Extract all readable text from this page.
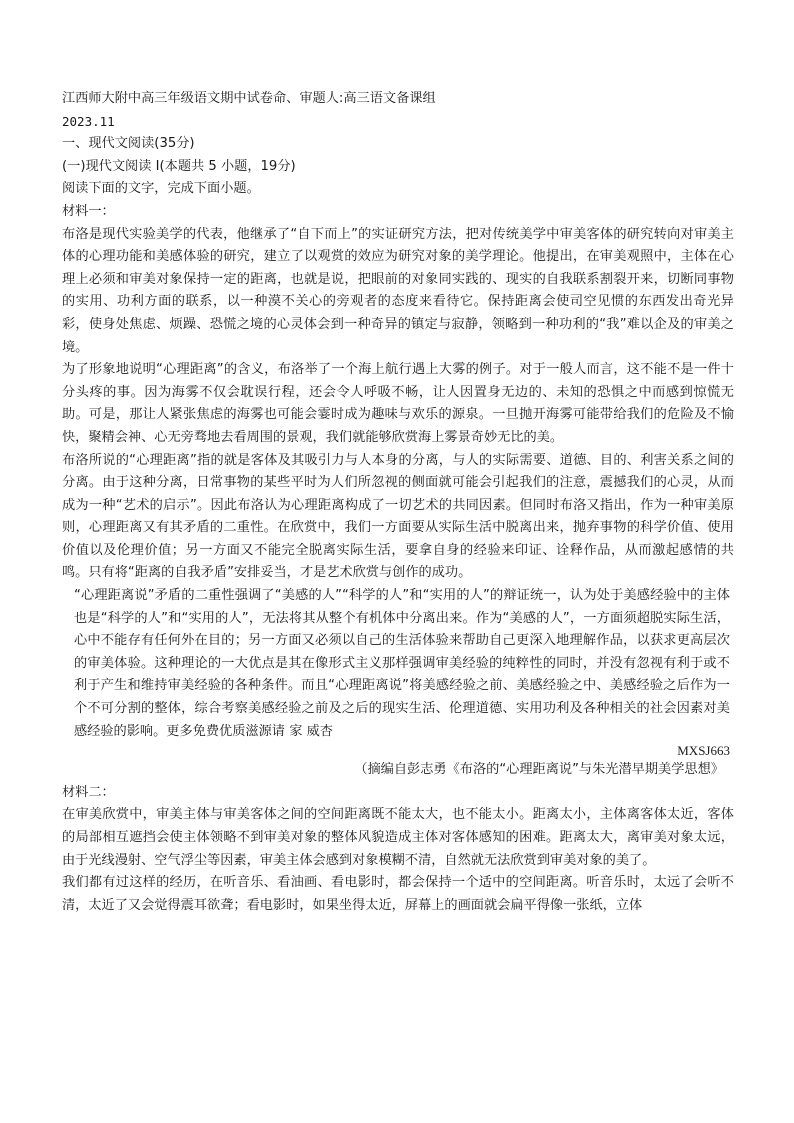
江西师大附中高三年级语文期中试卷命、审题人:高三语文备课组
2023.11
一、现代文阅读(35分)
(一)现代文阅读 I(本题共 5 小题，19分)
阅读下面的文字，完成下面小题。
材料一：

布洛是现代实验美学的代表，他继承了“自下而上”的实证研究方法，把对传统美学中审美客体的研究转向对审美主体的心理功能和美感体验的研究，建立了以观赏的效应为研究对象的美学理论。他提出，在审美观照中，主体在心理上必须和审美对象保持一定的距离，也就是说，把眼前的对象同实践的、现实的自我联系割裂开来，切断同事物的实用、功利方面的联系，以一种漠不关心的旁观者的态度来看待它。保持距离会使司空见惯的东西发出奇光异彩，使身处焦虑、烦躁、恐慌之境的心灵体会到一种奇异的镇定与寂静，领略到一种功利的“我”难以企及的审美之境。

为了形象地说明“心理距离”的含义，布洛举了一个海上航行遇上大雾的例子。对于一般人而言，这不能不是一件十分头疼的事。因为海雾不仅会耽误行程，还会令人呼吸不畅，让人因置身无边的、未知的恐惧之中而感到惊慌无助。可是，那让人紧张焦虑的海雾也可能会霎时成为趣味与欢乐的源泉。一旦抛开海雾可能带给我们的危险及不愉快，聚精会神、心无旁骛地去看周围的景观，我们就能够欣赏海上雾景奇妙无比的美。

布洛所说的“心理距离”指的就是客体及其吸引力与人本身的分离，与人的实际需要、道德、目的、利害关系之间的分离。由于这种分离，日常事物的某些平时为人们所忽视的侧面就可能会引起我们的注意，震撼我们的心灵，从而成为一种“艺术的启示”。因此布洛认为心理距离构成了一切艺术的共同因素。但同时布洛又指出，作为一种审美原则，心理距离又有其矛盾的二重性。在欣赏中，我们一方面要从实际生活中脱离出来，抛弃事物的科学价值、使用价值以及伦理价值；另一方面又不能完全脱离实际生活，要拿自身的经验来印证、诠释作品，从而激起感情的共鸣。只有将“距离的自我矛盾”安排妥当，才是艺术欣赏与创作的成功。

“心理距离说”矛盾的二重性强调了“美感的人”“科学的人”和“实用的人”的辩证统一，认为处于美感经验中的主体也是“科学的人”和“实用的人”，无法将其从整个有机体中分离出来。作为“美感的人”，一方面须超脱实际生活，心中不能存有任何外在目的；另一方面又必须以自己的生活体验来帮助自己更深入地理解作品，以获求更高层次的审美体验。这种理论的一大优点是其在像形式主义那样强调审美经验的纯粹性的同时，并没有忽视有利于或不利于产生和维持审美经验的各种条件。而且“心理距离说”将美感经验之前、美感经验之中、美感经验之后作为一个不可分割的整体，综合考察美感经验之前及之后的现实生活、伦理道德、实用功利及各种相关的社会因素对美感经验的影响。更多免费优质滋源请 家 威杏

MXSJ663
（摘编自彭志勇《布洛的“心理距离说”与朱光潜早期美学思想》
材料二：

在审美欣赏中，审美主体与审美客体之间的空间距离既不能太大，也不能太小。距离太小，主体离客体太近，客体的局部相互遮挡会使主体领略不到审美对象的整体风貌造成主体对客体感知的困难。距离太大，离审美对象太远，由于光线漫射、空气浮尘等因素，审美主体会感到对象模糊不清，自然就无法欣赏到审美对象的美了。

我们都有过这样的经历，在听音乐、看油画、看电影时，都会保持一个适中的空间距离。听音乐时，太远了会听不清，太近了又会觉得震耳欲聋；看电影时，如果坐得太近，屏幕上的画面就会扁平得像一张纸，立体
